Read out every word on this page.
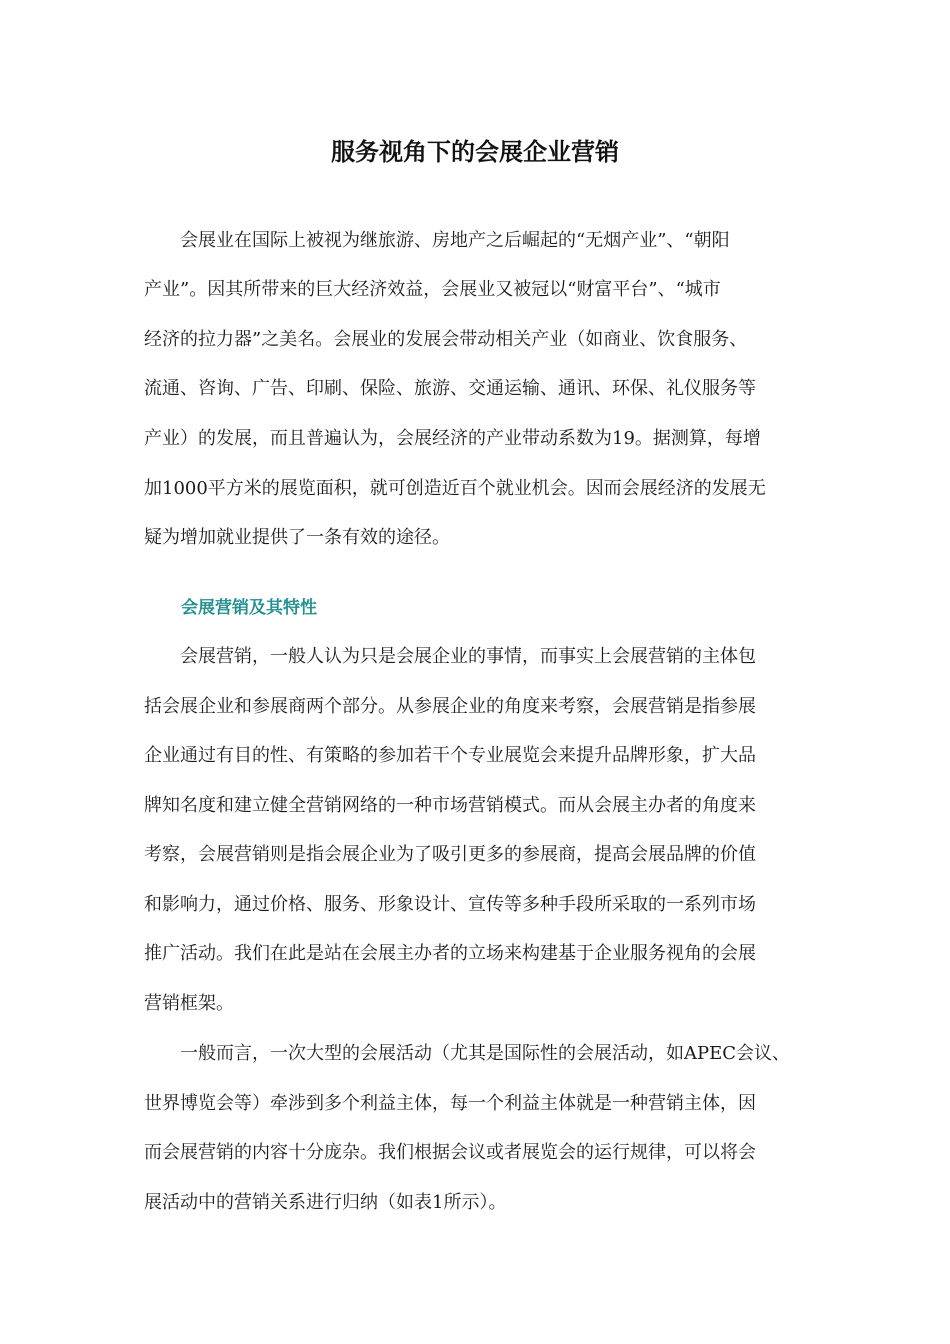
服务视角下的会展企业营销
　　会展业在国际上被视为继旅游、房地产之后崛起的“无烟产业”、“朝阳
产业”。因其所带来的巨大经济效益，会展业又被冠以“财富平台”、“城市
经济的拉力器”之美名。会展业的发展会带动相关产业（如商业、饮食服务、
流通、咨询、广告、印刷、保险、旅游、交通运输、通讯、环保、礼仪服务等
产业）的发展，而且普遍认为，会展经济的产业带动系数为19。据测算，每增
加1000平方米的展览面积，就可创造近百个就业机会。因而会展经济的发展无
疑为增加就业提供了一条有效的途径。
会展营销及其特性
　　会展营销，一般人认为只是会展企业的事情，而事实上会展营销的主体包
括会展企业和参展商两个部分。从参展企业的角度来考察，会展营销是指参展
企业通过有目的性、有策略的参加若干个专业展览会来提升品牌形象，扩大品
牌知名度和建立健全营销网络的一种市场营销模式。而从会展主办者的角度来
考察，会展营销则是指会展企业为了吸引更多的参展商，提高会展品牌的价值
和影响力，通过价格、服务、形象设计、宣传等多种手段所采取的一系列市场
推广活动。我们在此是站在会展主办者的立场来构建基于企业服务视角的会展
营销框架。
　　一般而言，一次大型的会展活动（尤其是国际性的会展活动，如APEC会议、
世界博览会等）牵涉到多个利益主体，每一个利益主体就是一种营销主体，因
而会展营销的内容十分庞杂。我们根据会议或者展览会的运行规律，可以将会
展活动中的营销关系进行归纳（如表1所示）。
